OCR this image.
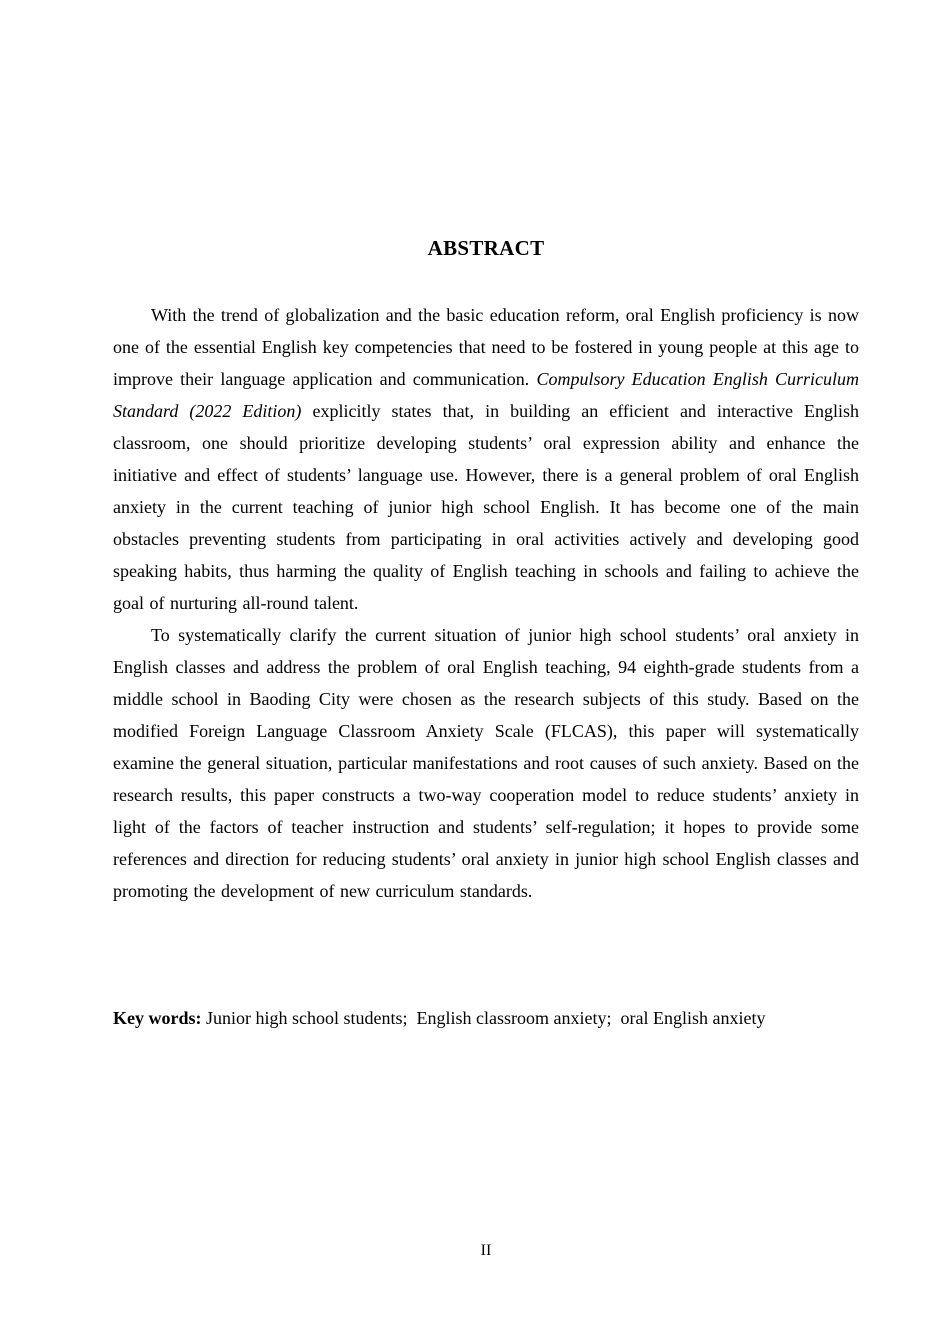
ABSTRACT

With the trend of globalization and the basic education reform, oral English proficiency is now one of the essential English key competencies that need to be fostered in young people at this age to improve their language application and communication. Compulsory Education English Curriculum Standard (2022 Edition) explicitly states that, in building an efficient and interactive English classroom, one should prioritize developing students’ oral expression ability and enhance the initiative and effect of students’ language use. However, there is a general problem of oral English anxiety in the current teaching of junior high school English. It has become one of the main obstacles preventing students from participating in oral activities actively and developing good speaking habits, thus harming the quality of English teaching in schools and failing to achieve the goal of nurturing all-round talent.

To systematically clarify the current situation of junior high school students’ oral anxiety in English classes and address the problem of oral English teaching, 94 eighth-grade students from a middle school in Baoding City were chosen as the research subjects of this study. Based on the modified Foreign Language Classroom Anxiety Scale (FLCAS), this paper will systematically examine the general situation, particular manifestations and root causes of such anxiety. Based on the research results, this paper constructs a two-way cooperation model to reduce students’ anxiety in light of the factors of teacher instruction and students’ self-regulation; it hopes to provide some references and direction for reducing students’ oral anxiety in junior high school English classes and promoting the development of new curriculum standards.

Key words: Junior high school students;  English classroom anxiety;  oral English anxiety

II
